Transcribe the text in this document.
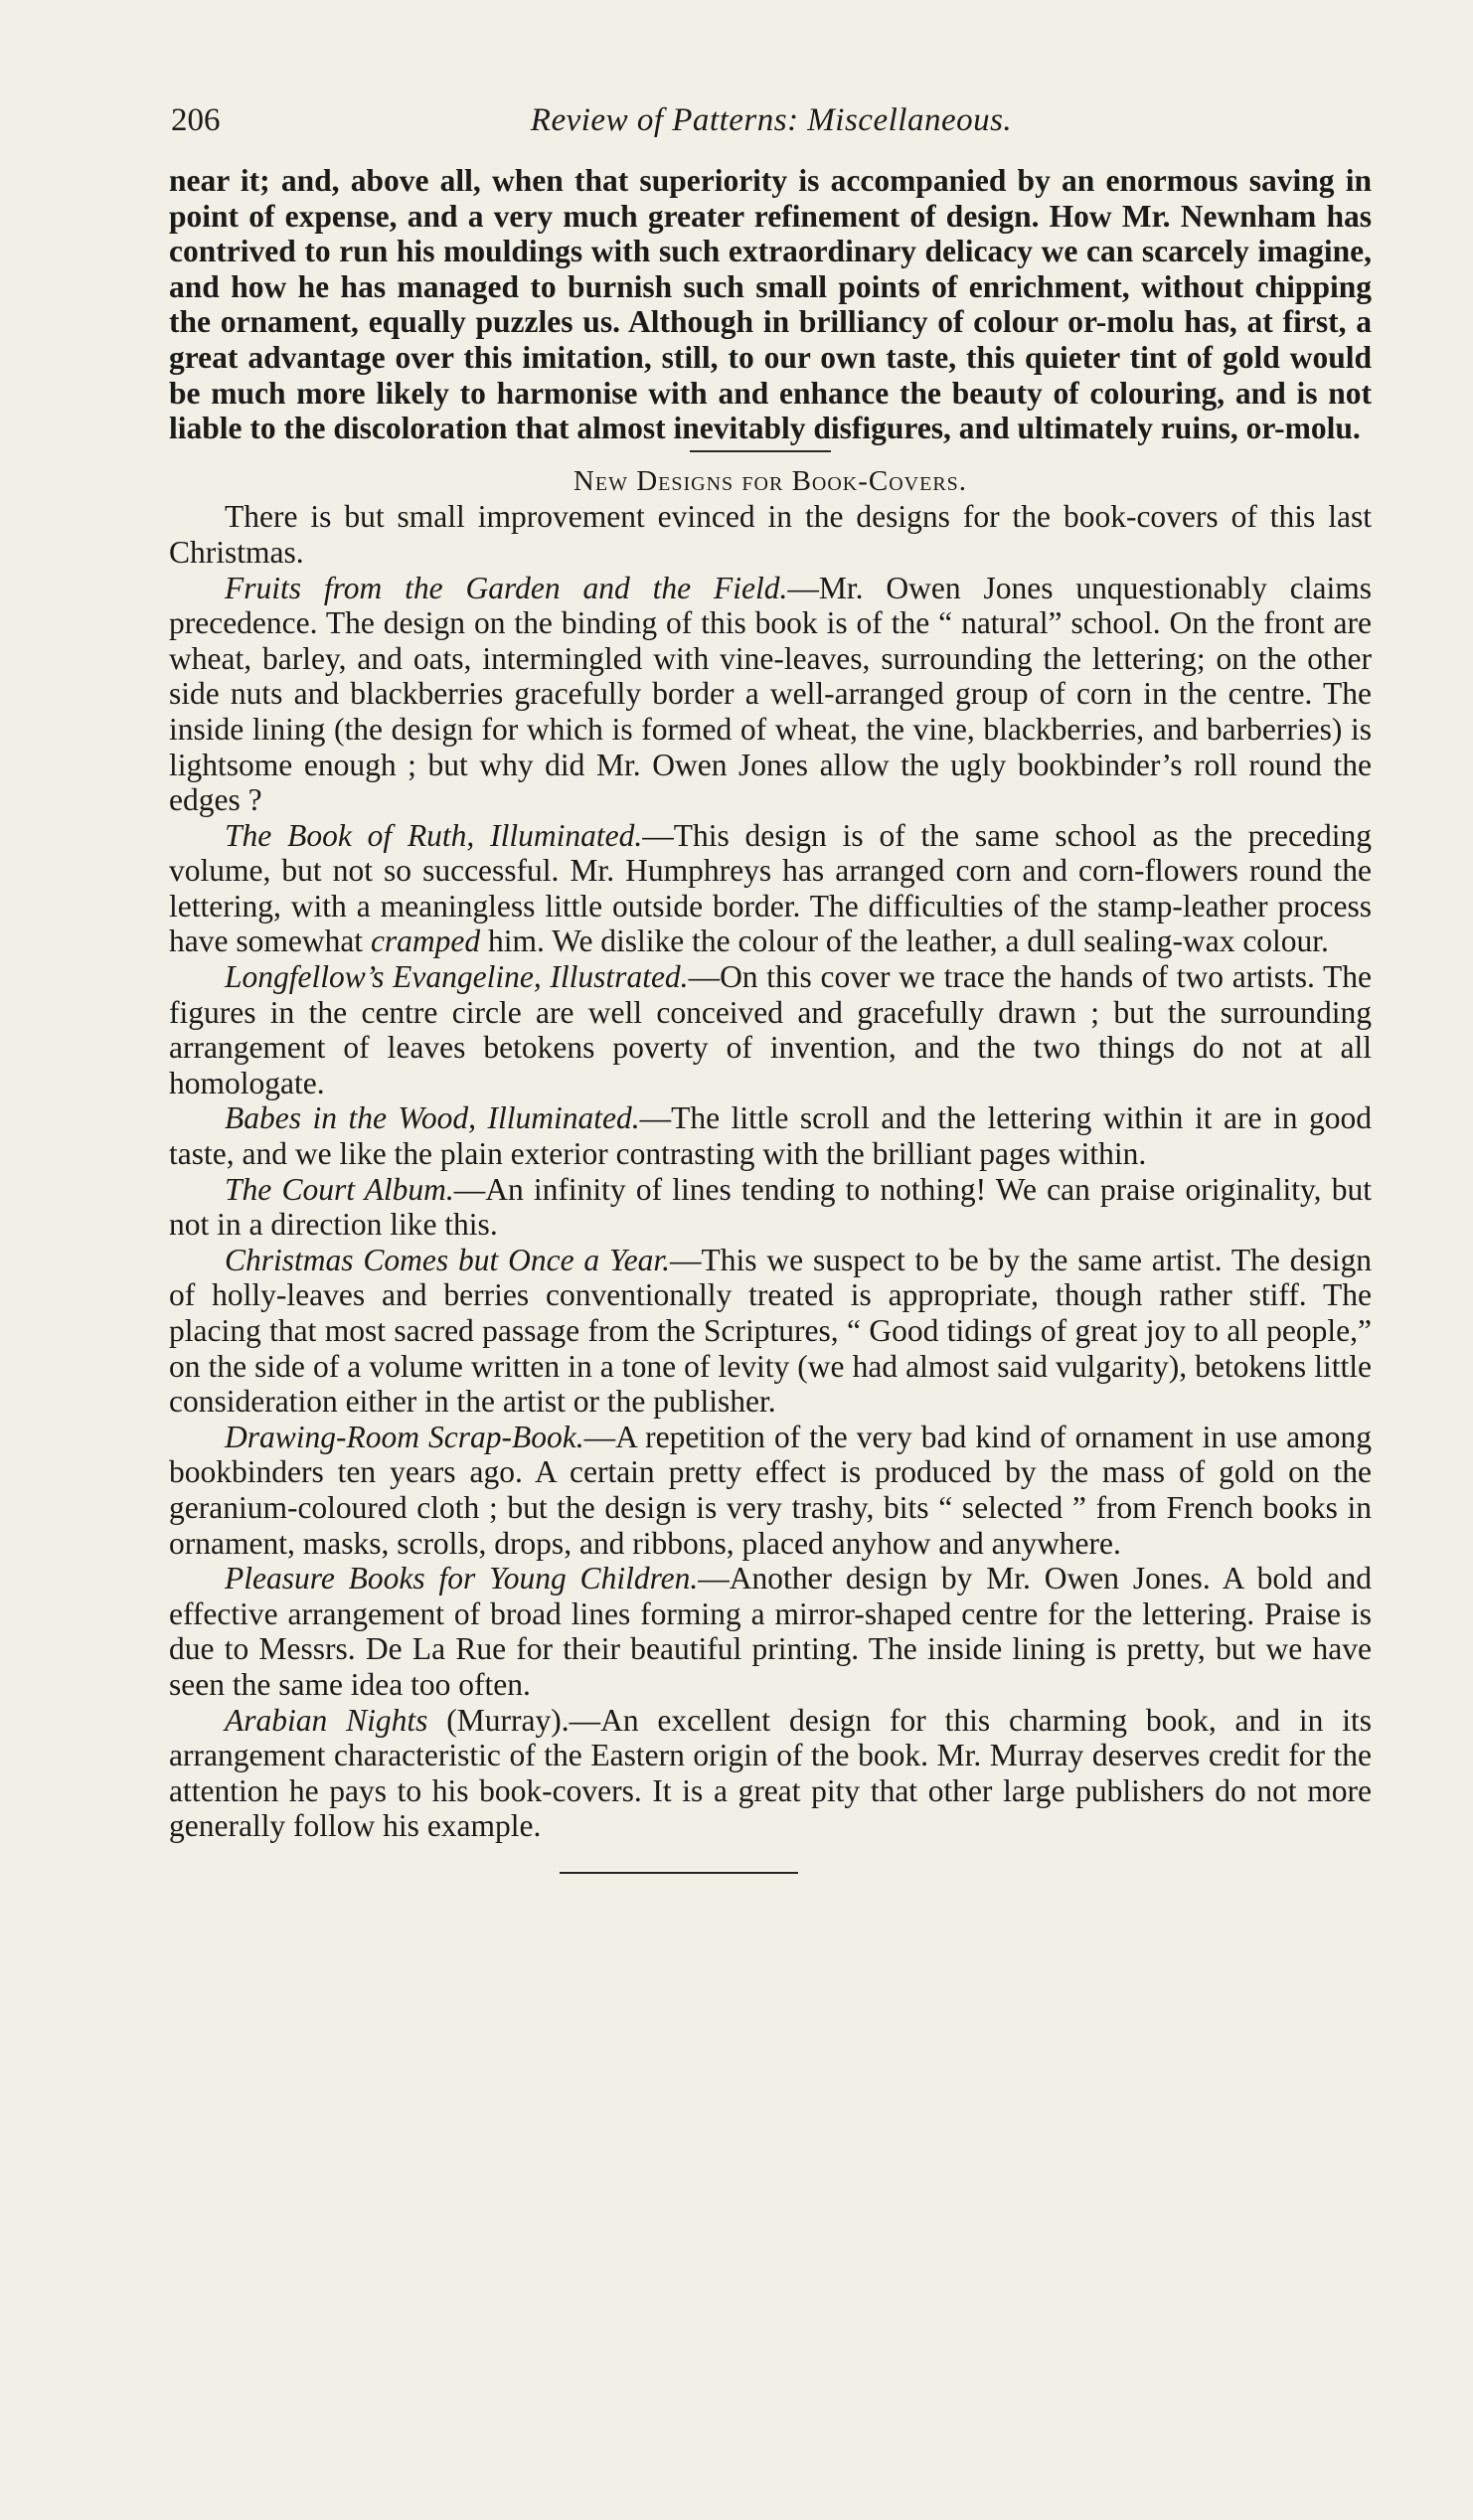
206	Review of Patterns: Miscellaneous.

near it; and, above all, when that superiority is accompanied by an enormous saving in point of expense, and a very much greater refinement of design. How Mr. Newnham has contrived to run his mouldings with such extraordinary delicacy we can scarcely imagine, and how he has managed to burnish such small points of enrichment, without chipping the ornament, equally puzzles us. Although in brilliancy of colour or-molu has, at first, a great advantage over this imitation, still, to our own taste, this quieter tint of gold would be much more likely to harmonise with and enhance the beauty of colouring, and is not liable to the discoloration that almost inevitably disfigures, and ultimately ruins, or-molu.

New Designs for Book-Covers.

There is but small improvement evinced in the designs for the book-covers of this last Christmas.

Fruits from the Garden and the Field.—Mr. Owen Jones unquestionably claims precedence. The design on the binding of this book is of the “ natural” school. On the front are wheat, barley, and oats, intermingled with vine-leaves, surrounding the lettering; on the other side nuts and blackberries gracefully border a well-arranged group of corn in the centre. The inside lining (the design for which is formed of wheat, the vine, blackberries, and barberries) is lightsome enough ; but why did Mr. Owen Jones allow the ugly bookbinder’s roll round the edges ?

The Book of Ruth, Illuminated.—This design is of the same school as the preceding volume, but not so successful. Mr. Humphreys has arranged corn and corn-flowers round the lettering, with a meaningless little outside border. The difficulties of the stamp-leather process have somewhat cramped him. We dislike the colour of the leather, a dull sealing-wax colour.

Longfellow’s Evangeline, Illustrated.—On this cover we trace the hands of two artists. The figures in the centre circle are well conceived and gracefully drawn ; but the surrounding arrangement of leaves betokens poverty of invention, and the two things do not at all homologate.

Babes in the Wood, Illuminated.—The little scroll and the lettering within it are in good taste, and we like the plain exterior contrasting with the brilliant pages within.

The Court Album.—An infinity of lines tending to nothing! We can praise originality, but not in a direction like this.

Christmas Comes but Once a Year.—This we suspect to be by the same artist. The design of holly-leaves and berries conventionally treated is appropriate, though rather stiff. The placing that most sacred passage from the Scriptures, “ Good tidings of great joy to all people,” on the side of a volume written in a tone of levity (we had almost said vulgarity), betokens little consideration either in the artist or the publisher.

Drawing-Room Scrap-Book.—A repetition of the very bad kind of ornament in use among bookbinders ten years ago. A certain pretty effect is produced by the mass of gold on the geranium-coloured cloth ; but the design is very trashy, bits “ selected ” from French books in ornament, masks, scrolls, drops, and ribbons, placed anyhow and anywhere.

Pleasure Books for Young Children.—Another design by Mr. Owen Jones. A bold and effective arrangement of broad lines forming a mirror-shaped centre for the lettering. Praise is due to Messrs. De La Rue for their beautiful printing. The inside lining is pretty, but we have seen the same idea too often.

Arabian Nights (Murray).—An excellent design for this charming book, and in its arrangement characteristic of the Eastern origin of the book. Mr. Murray deserves credit for the attention he pays to his book-covers. It is a great pity that other large publishers do not more generally follow his example.
